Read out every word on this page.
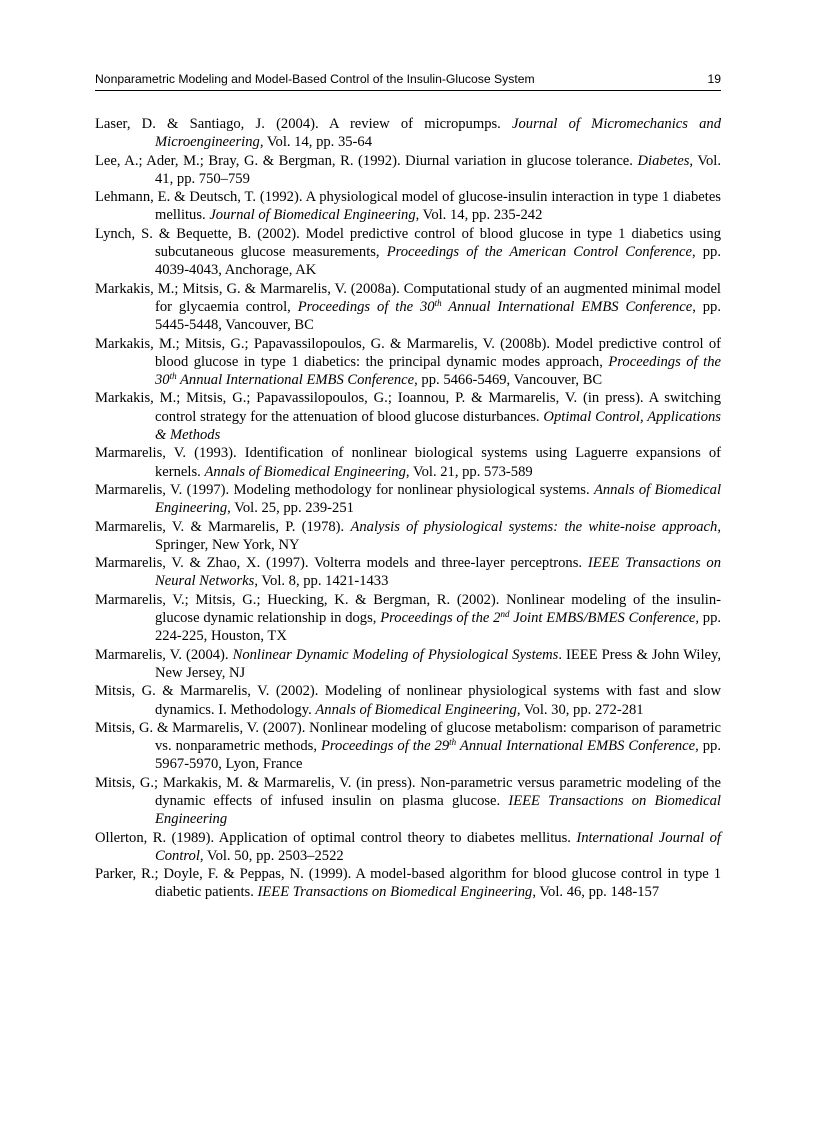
Nonparametric Modeling and Model-Based Control of the Insulin-Glucose System	19

Laser, D. & Santiago, J. (2004). A review of micropumps. Journal of Micromechanics and Microengineering, Vol. 14, pp. 35-64

Lee, A.; Ader, M.; Bray, G. & Bergman, R. (1992). Diurnal variation in glucose tolerance. Diabetes, Vol. 41, pp. 750–759

Lehmann, E. & Deutsch, T. (1992). A physiological model of glucose-insulin interaction in type 1 diabetes mellitus. Journal of Biomedical Engineering, Vol. 14, pp. 235-242

Lynch, S. & Bequette, B. (2002). Model predictive control of blood glucose in type 1 diabetics using subcutaneous glucose measurements, Proceedings of the American Control Conference, pp. 4039-4043, Anchorage, AK

Markakis, M.; Mitsis, G. & Marmarelis, V. (2008a). Computational study of an augmented minimal model for glycaemia control, Proceedings of the 30th Annual International EMBS Conference, pp. 5445-5448, Vancouver, BC

Markakis, M.; Mitsis, G.; Papavassilopoulos, G. & Marmarelis, V. (2008b). Model predictive control of blood glucose in type 1 diabetics: the principal dynamic modes approach, Proceedings of the 30th Annual International EMBS Conference, pp. 5466-5469, Vancouver, BC

Markakis, M.; Mitsis, G.; Papavassilopoulos, G.; Ioannou, P. & Marmarelis, V. (in press). A switching control strategy for the attenuation of blood glucose disturbances. Optimal Control, Applications & Methods

Marmarelis, V. (1993). Identification of nonlinear biological systems using Laguerre expansions of kernels. Annals of Biomedical Engineering, Vol. 21, pp. 573-589

Marmarelis, V. (1997). Modeling methodology for nonlinear physiological systems. Annals of Biomedical Engineering, Vol. 25, pp. 239-251

Marmarelis, V. & Marmarelis, P. (1978). Analysis of physiological systems: the white-noise approach, Springer, New York, NY

Marmarelis, V. & Zhao, X. (1997). Volterra models and three-layer perceptrons. IEEE Transactions on Neural Networks, Vol. 8, pp. 1421-1433

Marmarelis, V.; Mitsis, G.; Huecking, K. & Bergman, R. (2002). Nonlinear modeling of the insulin-glucose dynamic relationship in dogs, Proceedings of the 2nd Joint EMBS/BMES Conference, pp. 224-225, Houston, TX

Marmarelis, V. (2004). Nonlinear Dynamic Modeling of Physiological Systems. IEEE Press & John Wiley, New Jersey, NJ

Mitsis, G. & Marmarelis, V. (2002). Modeling of nonlinear physiological systems with fast and slow dynamics. I. Methodology. Annals of Biomedical Engineering, Vol. 30, pp. 272-281

Mitsis, G. & Marmarelis, V. (2007). Nonlinear modeling of glucose metabolism: comparison of parametric vs. nonparametric methods, Proceedings of the 29th Annual International EMBS Conference, pp. 5967-5970, Lyon, France

Mitsis, G.; Markakis, M. & Marmarelis, V. (in press). Non-parametric versus parametric modeling of the dynamic effects of infused insulin on plasma glucose. IEEE Transactions on Biomedical Engineering

Ollerton, R. (1989). Application of optimal control theory to diabetes mellitus. International Journal of Control, Vol. 50, pp. 2503–2522

Parker, R.; Doyle, F. & Peppas, N. (1999). A model-based algorithm for blood glucose control in type 1 diabetic patients. IEEE Transactions on Biomedical Engineering, Vol. 46, pp. 148-157
